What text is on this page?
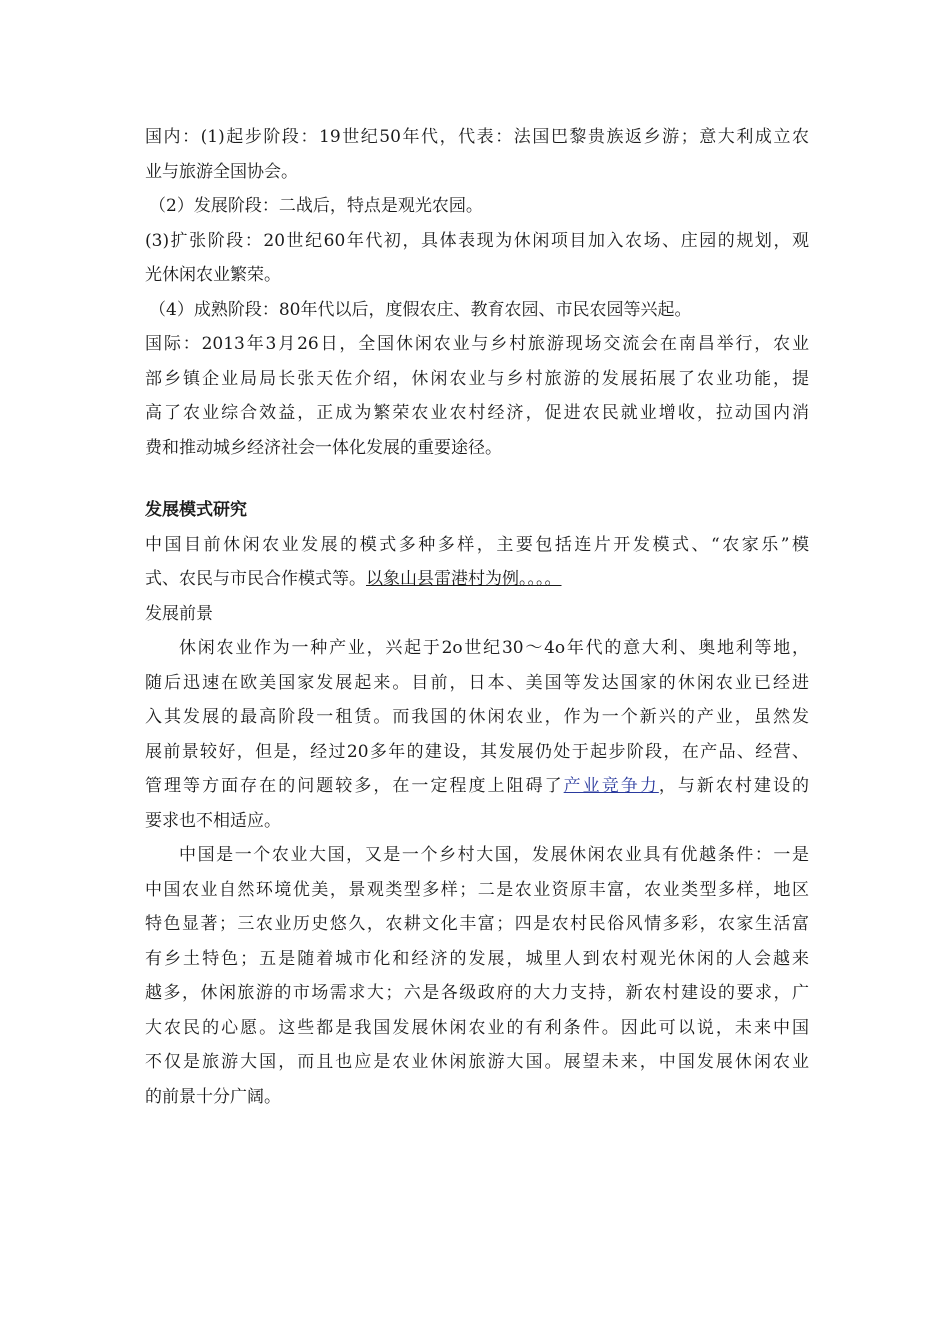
国内：(1)起步阶段：19世纪50年代，代表：法国巴黎贵族返乡游；意大利成立农
业与旅游全国协会。
（2）发展阶段：二战后，特点是观光农园。
(3)扩张阶段：20世纪60年代初，具体表现为休闲项目加入农场、庄园的规划，观
光休闲农业繁荣。
（4）成熟阶段：80年代以后，度假农庄、教育农园、市民农园等兴起。
国际：2013年3月26日，全国休闲农业与乡村旅游现场交流会在南昌举行，农业
部乡镇企业局局长张天佐介绍，休闲农业与乡村旅游的发展拓展了农业功能，提
高了农业综合效益，正成为繁荣农业农村经济，促进农民就业增收，拉动国内消
费和推动城乡经济社会一体化发展的重要途径。
发展模式研究
中国目前休闲农业发展的模式多种多样，主要包括连片开发模式、“农家乐”模
式、农民与市民合作模式等。以象山县雷港村为例。。。。
发展前景
休闲农业作为一种产业，兴起于2o世纪30～4o年代的意大利、奥地利等地，
随后迅速在欧美国家发展起来。目前，日本、美国等发达国家的休闲农业已经进
入其发展的最高阶段一租赁。而我国的休闲农业，作为一个新兴的产业，虽然发
展前景较好，但是，经过20多年的建设，其发展仍处于起步阶段，在产品、经营、
管理等方面存在的问题较多，在一定程度上阻碍了产业竞争力，与新农村建设的
要求也不相适应。
中国是一个农业大国，又是一个乡村大国，发展休闲农业具有优越条件：一是
中国农业自然环境优美，景观类型多样；二是农业资原丰富，农业类型多样，地区
特色显著；三农业历史悠久，农耕文化丰富；四是农村民俗风情多彩，农家生活富
有乡土特色；五是随着城市化和经济的发展，城里人到农村观光休闲的人会越来
越多，休闲旅游的市场需求大；六是各级政府的大力支持，新农村建设的要求，广
大农民的心愿。这些都是我国发展休闲农业的有利条件。因此可以说，未来中国
不仅是旅游大国，而且也应是农业休闲旅游大国。展望未来，中国发展休闲农业
的前景十分广阔。
